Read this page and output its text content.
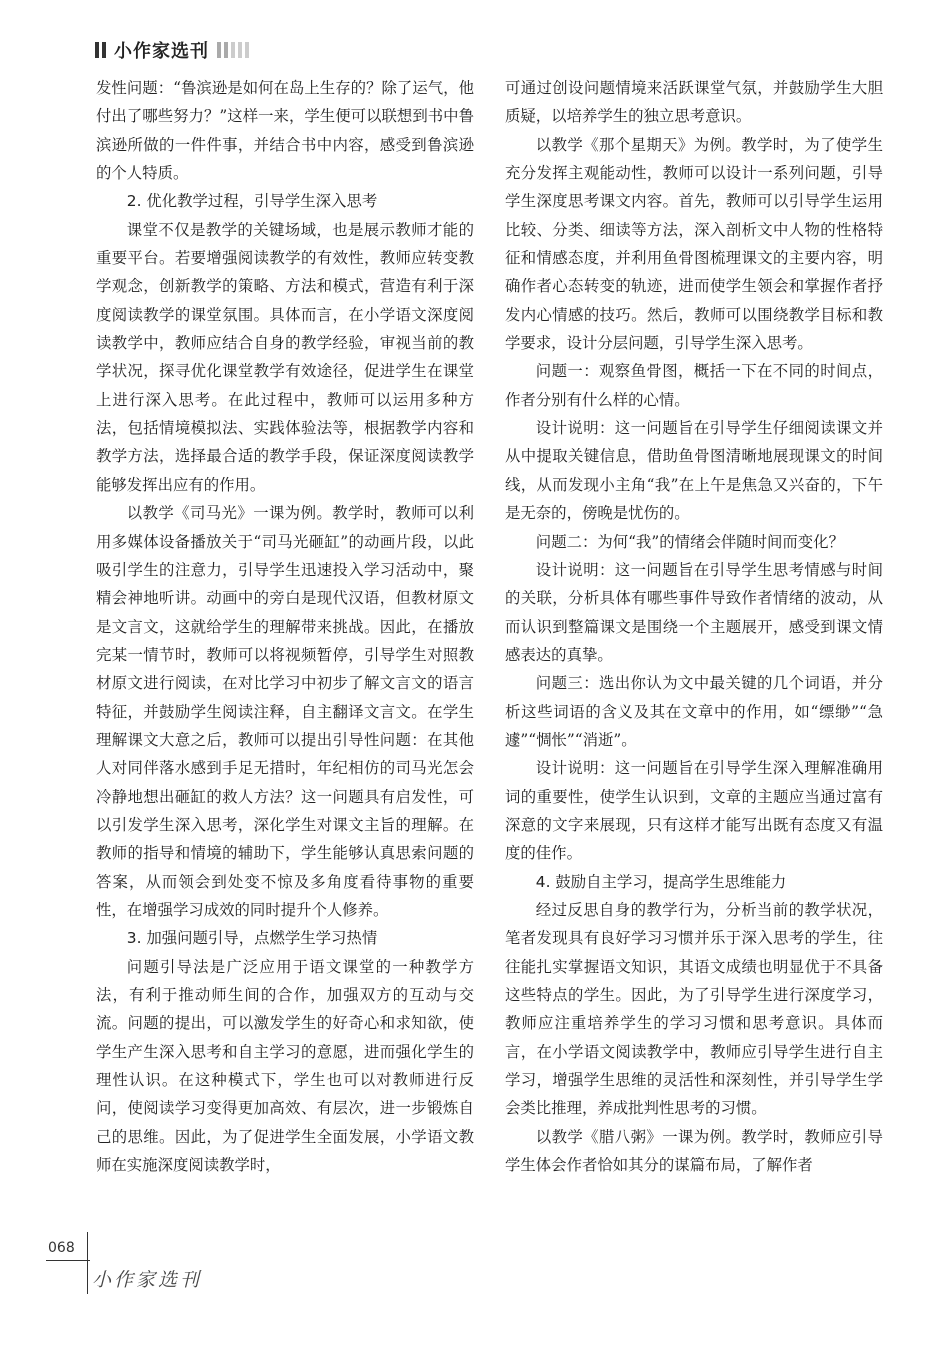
小作家选刊

发性问题：“鲁滨逊是如何在岛上生存的？除了运气，他付出了哪些努力？”这样一来，学生便可以联想到书中鲁滨逊所做的一件件事，并结合书中内容，感受到鲁滨逊的个人特质。

2. 优化教学过程，引导学生深入思考

课堂不仅是教学的关键场域，也是展示教师才能的重要平台。若要增强阅读教学的有效性，教师应转变教学观念，创新教学的策略、方法和模式，营造有利于深度阅读教学的课堂氛围。具体而言，在小学语文深度阅读教学中，教师应结合自身的教学经验，审视当前的教学状况，探寻优化课堂教学有效途径，促进学生在课堂上进行深入思考。在此过程中，教师可以运用多种方法，包括情境模拟法、实践体验法等，根据教学内容和教学方法，选择最合适的教学手段，保证深度阅读教学能够发挥出应有的作用。

以教学《司马光》一课为例。教学时，教师可以利用多媒体设备播放关于“司马光砸缸”的动画片段，以此吸引学生的注意力，引导学生迅速投入学习活动中，聚精会神地听讲。动画中的旁白是现代汉语，但教材原文是文言文，这就给学生的理解带来挑战。因此，在播放完某一情节时，教师可以将视频暂停，引导学生对照教材原文进行阅读，在对比学习中初步了解文言文的语言特征，并鼓励学生阅读注释，自主翻译文言文。在学生理解课文大意之后，教师可以提出引导性问题：在其他人对同伴落水感到手足无措时，年纪相仿的司马光怎会冷静地想出砸缸的救人方法？这一问题具有启发性，可以引发学生深入思考，深化学生对课文主旨的理解。在教师的指导和情境的辅助下，学生能够认真思索问题的答案，从而领会到处变不惊及多角度看待事物的重要性，在增强学习成效的同时提升个人修养。

3. 加强问题引导，点燃学生学习热情

问题引导法是广泛应用于语文课堂的一种教学方法，有利于推动师生间的合作，加强双方的互动与交流。问题的提出，可以激发学生的好奇心和求知欲，使学生产生深入思考和自主学习的意愿，进而强化学生的理性认识。在这种模式下，学生也可以对教师进行反问，使阅读学习变得更加高效、有层次，进一步锻炼自己的思维。因此，为了促进学生全面发展，小学语文教师在实施深度阅读教学时，

可通过创设问题情境来活跃课堂气氛，并鼓励学生大胆质疑，以培养学生的独立思考意识。

以教学《那个星期天》为例。教学时，为了使学生充分发挥主观能动性，教师可以设计一系列问题，引导学生深度思考课文内容。首先，教师可以引导学生运用比较、分类、细读等方法，深入剖析文中人物的性格特征和情感态度，并利用鱼骨图梳理课文的主要内容，明确作者心态转变的轨迹，进而使学生领会和掌握作者抒发内心情感的技巧。然后，教师可以围绕教学目标和教学要求，设计分层问题，引导学生深入思考。

问题一：观察鱼骨图，概括一下在不同的时间点，作者分别有什么样的心情。

设计说明：这一问题旨在引导学生仔细阅读课文并从中提取关键信息，借助鱼骨图清晰地展现课文的时间线，从而发现小主角“我”在上午是焦急又兴奋的，下午是无奈的，傍晚是忧伤的。

问题二：为何“我”的情绪会伴随时间而变化？

设计说明：这一问题旨在引导学生思考情感与时间的关联，分析具体有哪些事件导致作者情绪的波动，从而认识到整篇课文是围绕一个主题展开，感受到课文情感表达的真挚。

问题三：选出你认为文中最关键的几个词语，并分析这些词语的含义及其在文章中的作用，如“缥缈”“急遽”“惆怅”“消逝”。

设计说明：这一问题旨在引导学生深入理解准确用词的重要性，使学生认识到，文章的主题应当通过富有深意的文字来展现，只有这样才能写出既有态度又有温度的佳作。

4. 鼓励自主学习，提高学生思维能力

经过反思自身的教学行为，分析当前的教学状况，笔者发现具有良好学习习惯并乐于深入思考的学生，往往能扎实掌握语文知识，其语文成绩也明显优于不具备这些特点的学生。因此，为了引导学生进行深度学习，教师应注重培养学生的学习习惯和思考意识。具体而言，在小学语文阅读教学中，教师应引导学生进行自主学习，增强学生思维的灵活性和深刻性，并引导学生学会类比推理，养成批判性思考的习惯。

以教学《腊八粥》一课为例。教学时，教师应引导学生体会作者恰如其分的谋篇布局，了解作者

068
小作家选刊
